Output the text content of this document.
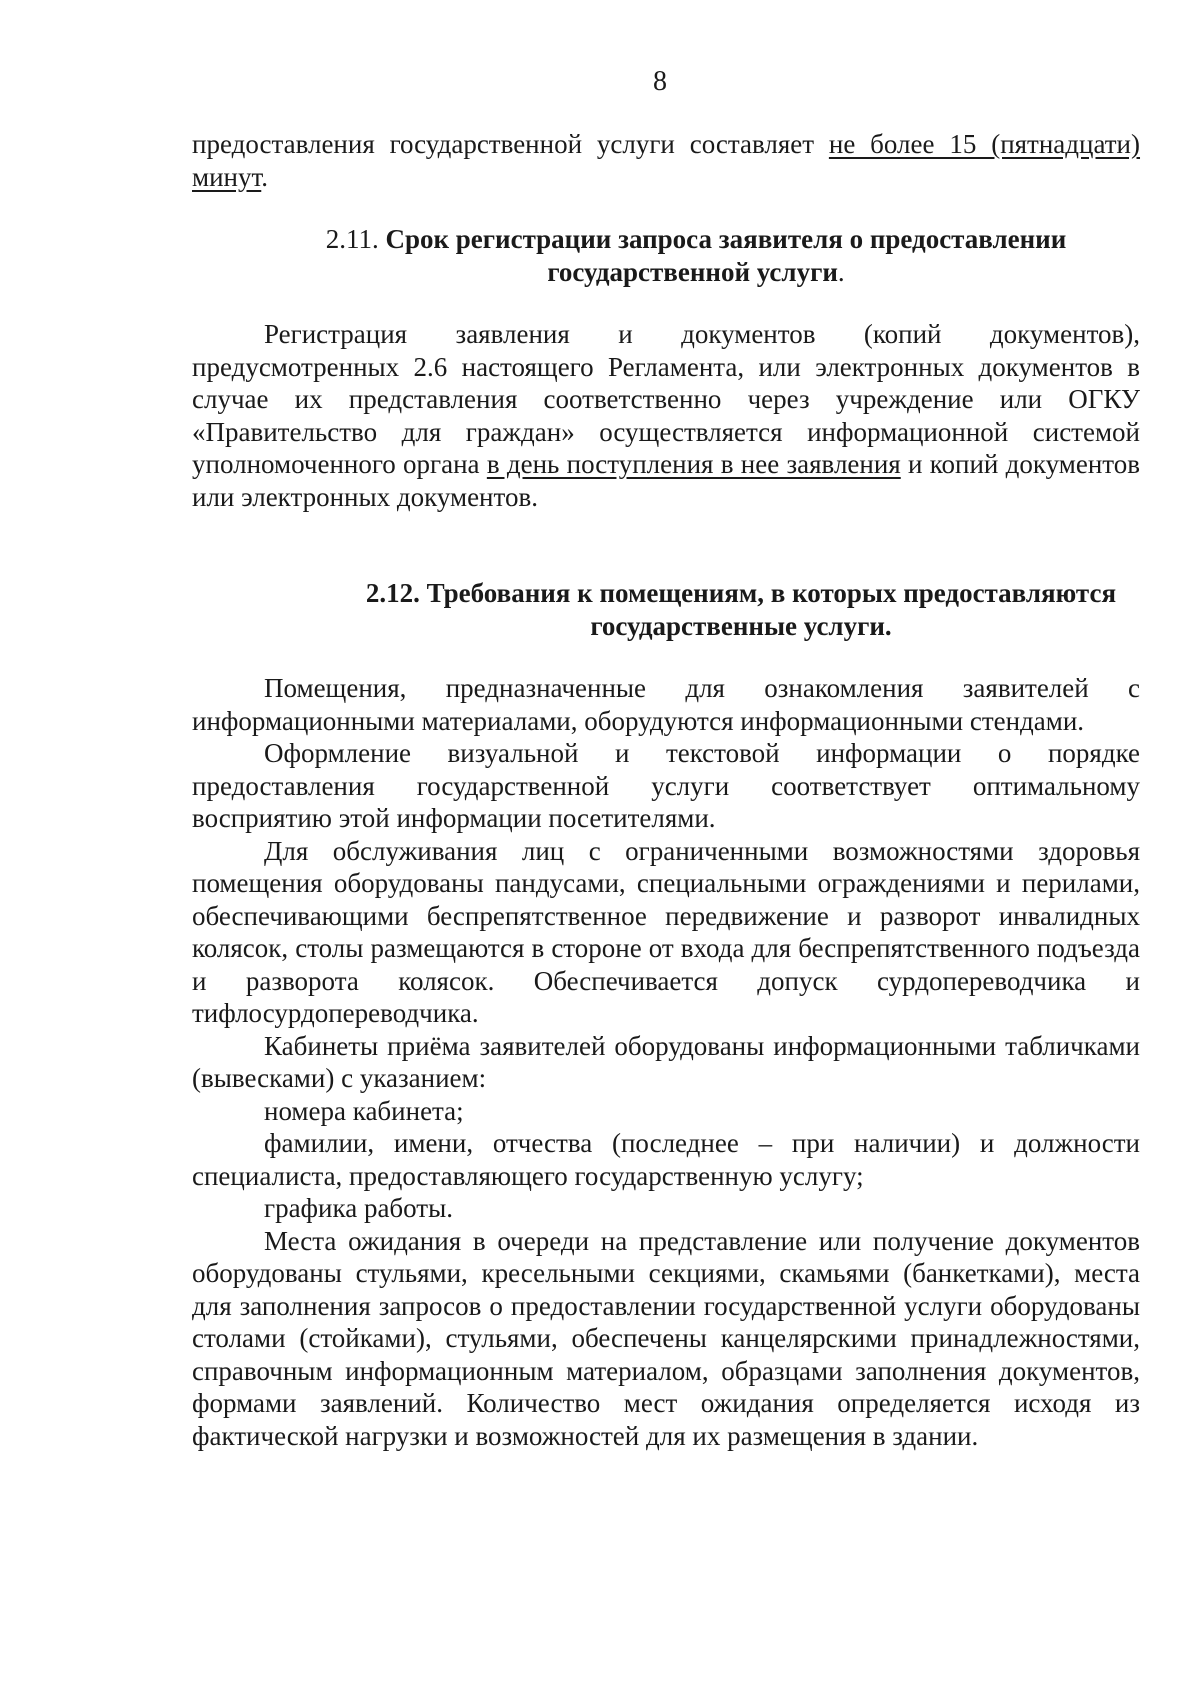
8

предоставления государственной услуги составляет не более 15 (пятнадцати) минут.

2.11. Срок регистрации запроса заявителя о предоставлении государственной услуги.

Регистрация заявления и документов (копий документов), предусмотренных 2.6 настоящего Регламента, или электронных документов в случае их представления соответственно через учреждение или ОГКУ «Правительство для граждан» осуществляется информационной системой уполномоченного органа в день поступления в нее заявления и копий документов или электронных документов.

2.12. Требования к помещениям, в которых предоставляются государственные услуги.

Помещения, предназначенные для ознакомления заявителей с информационными материалами, оборудуются информационными стендами.

Оформление визуальной и текстовой информации о порядке предоставления государственной услуги соответствует оптимальному восприятию этой информации посетителями.

Для обслуживания лиц с ограниченными возможностями здоровья помещения оборудованы пандусами, специальными ограждениями и перилами, обеспечивающими беспрепятственное передвижение и разворот инвалидных колясок, столы размещаются в стороне от входа для беспрепятственного подъезда и разворота колясок. Обеспечивается допуск сурдопереводчика и тифлосурдопереводчика.

Кабинеты приёма заявителей оборудованы информационными табличками (вывесками) с указанием:

номера кабинета;

фамилии, имени, отчества (последнее – при наличии) и должности специалиста, предоставляющего государственную услугу;

графика работы.

Места ожидания в очереди на представление или получение документов оборудованы стульями, кресельными секциями, скамьями (банкетками), места для заполнения запросов о предоставлении государственной услуги оборудованы столами (стойками), стульями, обеспечены канцелярскими принадлежностями, справочным информационным материалом, образцами заполнения документов, формами заявлений. Количество мест ожидания определяется исходя из фактической нагрузки и возможностей для их размещения в здании.
